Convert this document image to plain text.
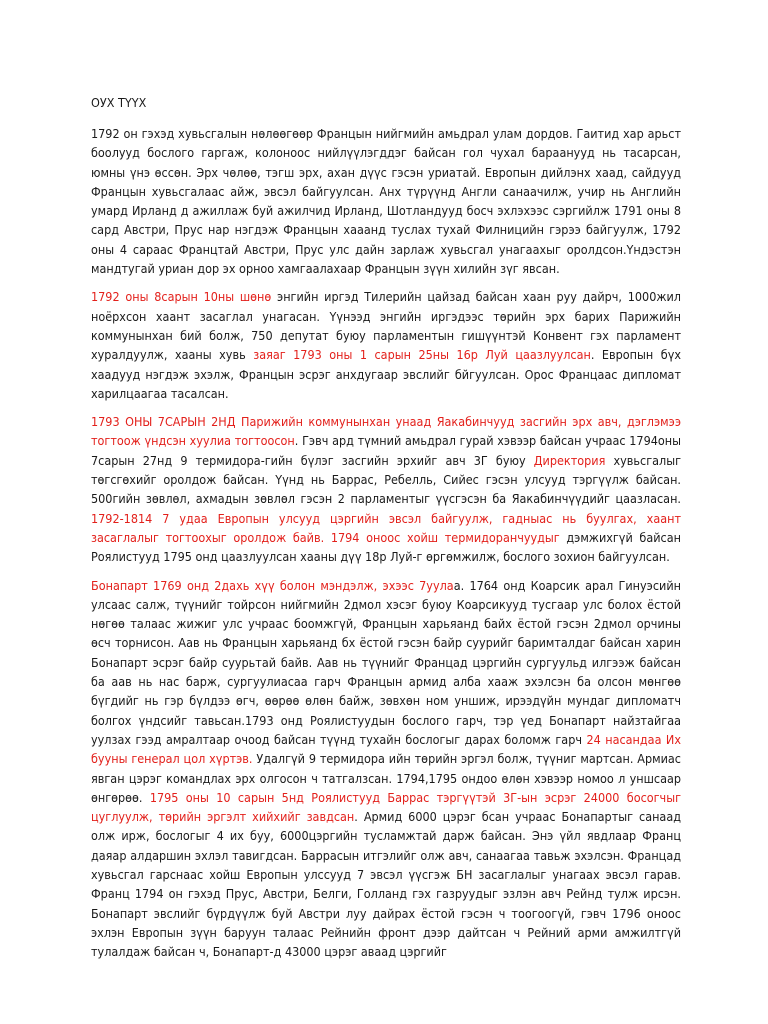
ОУХ ТҮҮХ

1792 он гэхэд хувьсгалын нөлөөгөөр Францын нийгмийн амьдрал улам дордов. Гаитид хар арьст боолууд бослого гаргаж, колоноос нийлүүлэгддэг байсан гол чухал бараанууд нь тасарсан, юмны үнэ өссөн. Эрх чөлөө, тэгш эрх, ахан дүүс гэсэн уриатай. Европын дийлэнх хаад, сайдууд Францын хувьсгалаас айж, эвсэл байгуулсан. Анх түрүүнд Англи санаачилж, учир нь Английн умард Ирланд д ажиллаж буй ажилчид Ирланд, Шотландууд босч эхлэхээс сэргийлж 1791 оны 8 сард Австри, Прус нар нэгдэж Францын хааанд туслах тухай Филницийн гэрээ байгуулж, 1792 оны 4 сараас Францтай Австри, Прус улс дайн зарлаж хувьсгал унагаахыг оролдсон.Үндэстэн мандтугай уриан дор эх орноо хамгаалахаар Францын зүүн хилийн зүг явсан.

1792 оны 8сарын 10ны шөнө энгийн иргэд Тилерийн цайзад байсан хаан руу дайрч, 1000жил ноёрхсон хаант засаглал унагасан. Үүнээд энгийн иргэдээс төрийн эрх барих Парижийн коммунынхан бий болж, 750 депутат буюу парламентын гишүүнтэй Конвент гэх парламент хуралдуулж, хааны хувь заяаг 1793 оны 1 сарын 25ны 16р Луй цаазлуулсан. Европын бүх хаадууд нэгдэж эхэлж, Францын эсрэг анхдугаар эвслийг бйгуулсан. Орос Францаас дипломат харилцаагаа тасалсан.

1793 ОНЫ 7САРЫН 2НД Парижийн коммунынхан унаад Яакабинчууд засгийн эрх авч, дэглэмээ тогтоож үндсэн хуулиа тогтоосон. Гэвч ард түмний амьдрал гурай хэвээр байсан учраас 1794оны 7сарын 27нд 9 термидора-гийн бүлэг засгийн эрхийг авч 3Г буюу Директория хувьсгалыг төгсгөхийг оролдож байсан. Үүнд нь Баррас, Ребелль, Сийес гэсэн улсууд тэргүүлж байсан. 500гийн зөвлөл, ахмадын зөвлөл гэсэн 2 парламентыг үүсгэсэн ба Яакабинчүүдийг цаазласан. 1792-1814 7 удаа Европын улсууд цэргийн эвсэл байгуулж, гадныас нь буулгах, хаант засаглалыг тогтоохыг оролдож байв. 1794 оноос хойш термидоранчуудыг дэмжихгүй байсан Роялистууд 1795 онд цаазлуулсан хааны дүү 18р Луй-г өргөмжилж, бослого зохион байгуулсан.

Бонапарт 1769 онд 2дахь хүү болон мэндэлж, эхээс 7уулаа. 1764 онд Коарсик арал Гинуэсийн улсаас салж, түүнийг тойрсон нийгмийн 2дмол хэсэг буюу Коарсикууд тусгаар улс болох ёстой нөгөө талаас жижиг улс учраас боомжгүй, Францын харьяанд байх ёстой гэсэн 2дмол орчины өсч торнисон. Аав нь Францын харьяанд бх ёстой гэсэн байр суурийг баримталдаг байсан харин Бонапарт эсрэг байр суурьтай байв. Аав нь түүнийг Францад цэргийн сургуульд илгээж байсан ба аав нь нас барж, сургуулиасаа гарч Францын армид алба хааж эхэлсэн ба олсон мөнгөө бүгдийг нь гэр бүлдээ өгч, өөрөө өлөн байж, зөвхөн ном уншиж, ирээдүйн мундаг дипломатч болгох үндсийг тавьсан.1793 онд Роялистуудын бослого гарч, тэр үед Бонапарт найзтайгаа уулзах гээд амралтаар очоод байсан түүнд тухайн бослогыг дарах боломж гарч 24 насандаа Их бууны генерал цол хүртэв. Удалгүй 9 термидора ийн төрийн эргэл болж, түүниг мартсан. Армиас явган цэрэг командлах эрх олгосон ч татгалзсан. 1794,1795 ондоо өлөн хэвээр номоо л уншсаар өнгөрөө. 1795 оны 10 сарын 5нд Роялистууд Баррас тэргүүтэй 3Г-ын эсрэг 24000 босогчыг цуглуулж, төрийн эргэлт хийхийг завдсан. Армид 6000 цэрэг бсан учраас Бонапартыг санаад олж ирж, бослогыг 4 их буу, 6000цэргийн тусламжтай дарж байсан. Энэ үйл явдлаар Франц даяар алдаршин эхлэл тавигдсан. Баррасын итгэлийг олж авч, санаагаа тавьж эхэлсэн. Францад хувьсгал гарснаас хойш Европын улссууд 7 эвсэл үүсгэж БН засаглалыг унагаах эвсэл гарав. Франц 1794 он гэхэд Прус, Австри, Белги, Голланд гэх газруудыг эзлэн авч Рейнд тулж ирсэн. Бонапарт эвслийг бүрдүүлж буй Австри луу дайрах ёстой гэсэн ч тоогоогүй, гэвч 1796 оноос эхлэн Европын зүүн баруун талаас Рейнийн фронт дээр дайтсан ч Рейний арми амжилтгүй тулалдаж байсан ч, Бонапарт-д 43000 цэрэг аваад цэргийг
